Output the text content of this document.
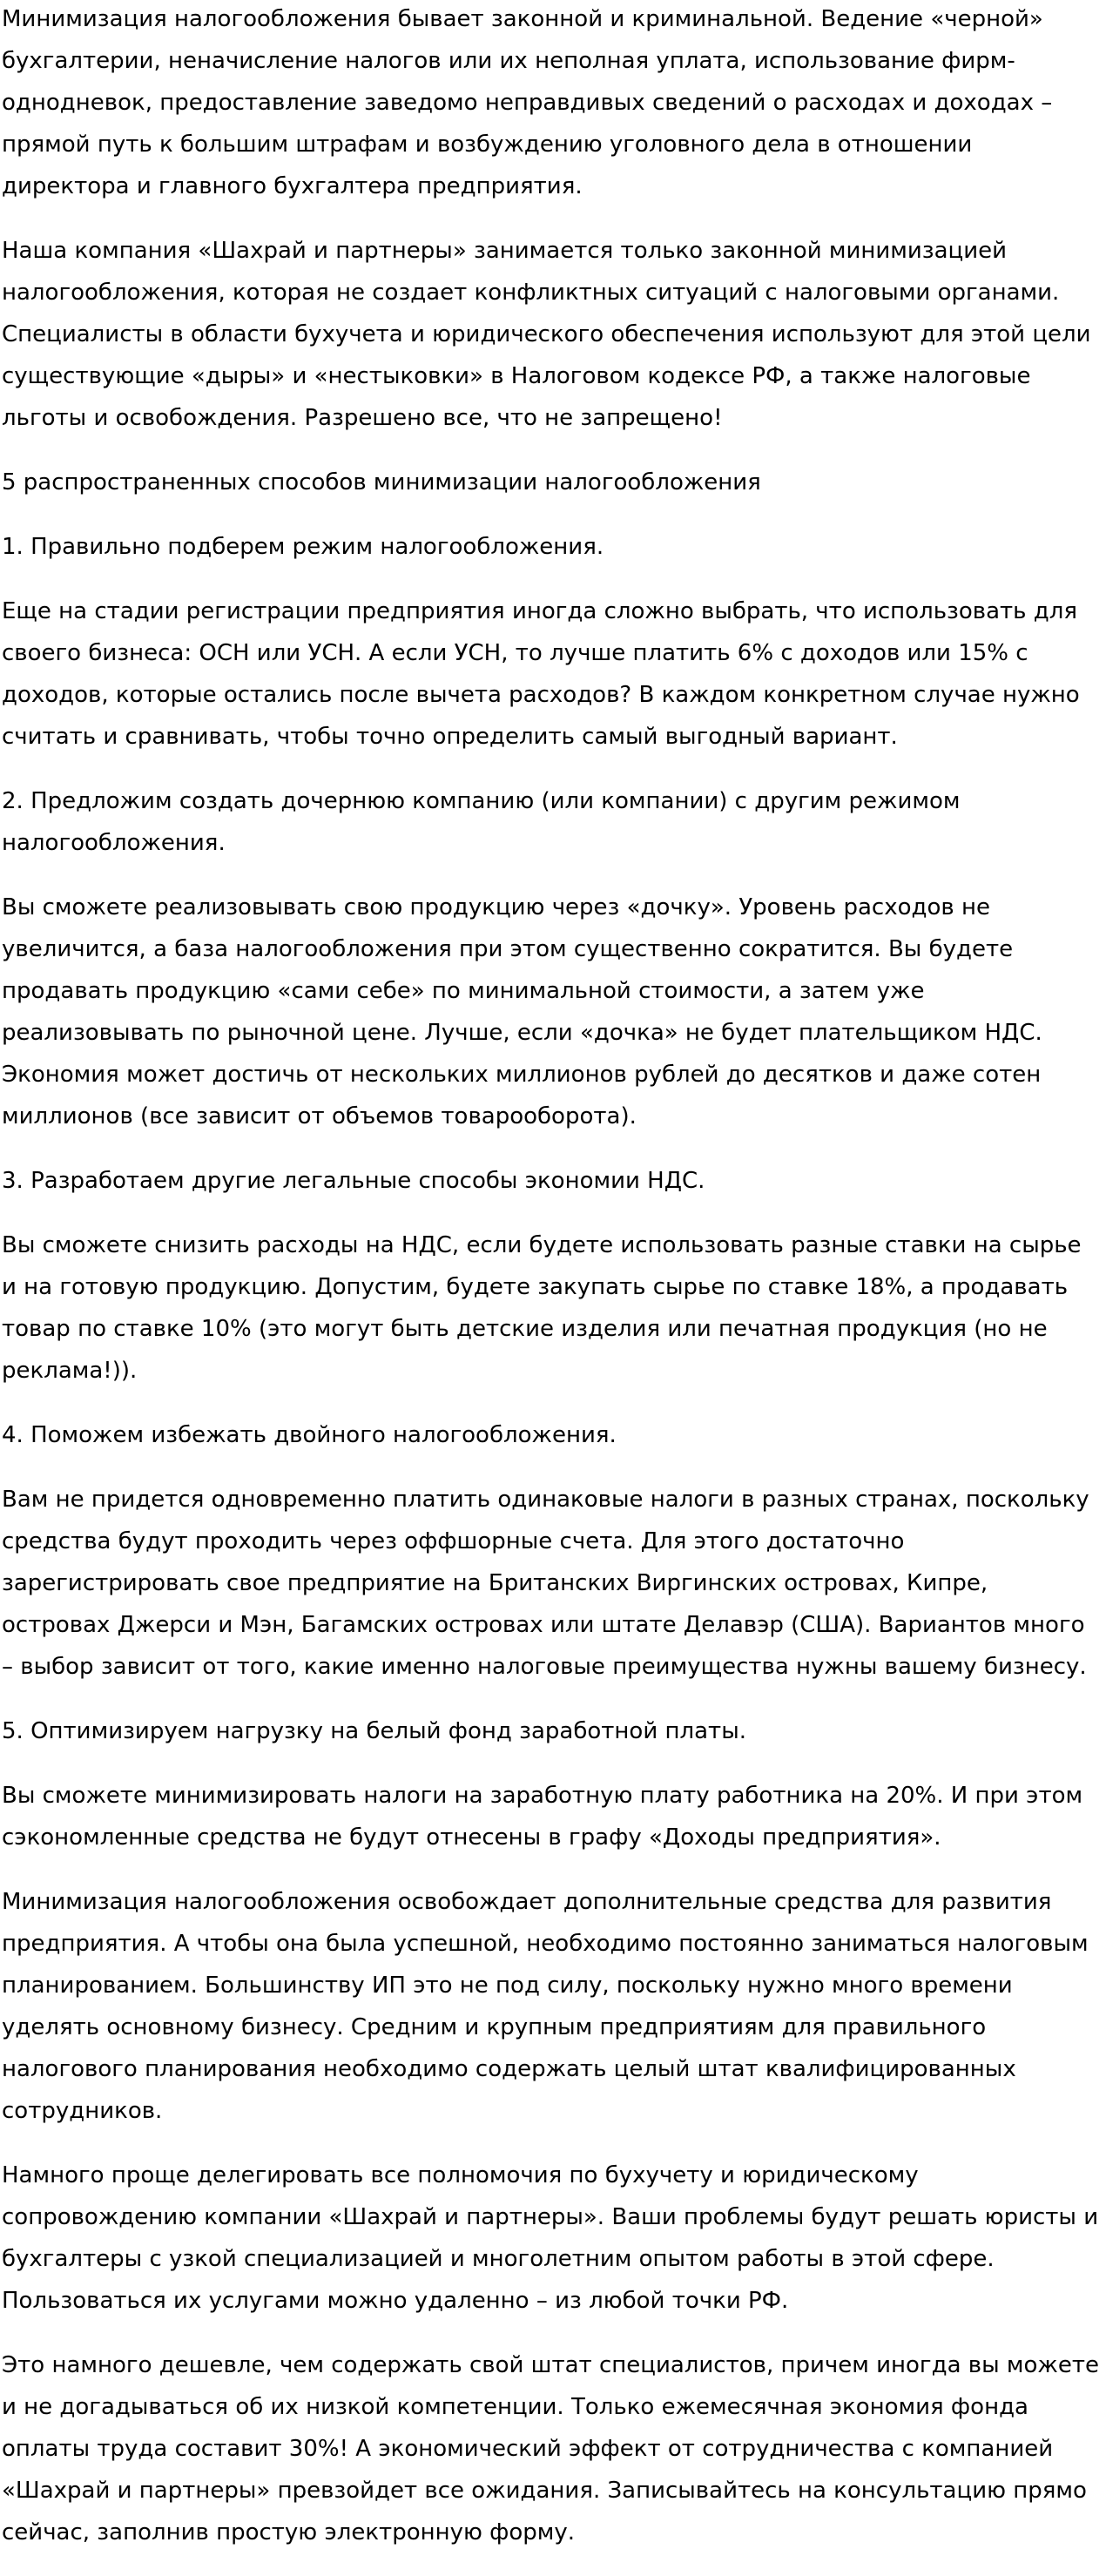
Минимизация налогообложения бывает законной и криминальной. Ведение «черной» бухгалтерии, неначисление налогов или их неполная уплата, использование фирм-однодневок, предоставление заведомо неправдивых сведений о расходах и доходах – прямой путь к большим штрафам и возбуждению уголовного дела в отношении директора и главного бухгалтера предприятия.

Наша компания «Шахрай и партнеры» занимается только законной минимизацией налогообложения, которая не создает конфликтных ситуаций с налоговыми органами. Специалисты в области бухучета и юридического обеспечения используют для этой цели существующие «дыры» и «нестыковки» в Налоговом кодексе РФ, а также налоговые льготы и освобождения. Разрешено все, что не запрещено!

5 распространенных способов минимизации налогообложения

1. Правильно подберем режим налогообложения.

Еще на стадии регистрации предприятия иногда сложно выбрать, что использовать для своего бизнеса: ОСН или УСН. А если УСН, то лучше платить 6% с доходов или 15% с доходов, которые остались после вычета расходов? В каждом конкретном случае нужно считать и сравнивать, чтобы точно определить самый выгодный вариант.

2. Предложим создать дочернюю компанию (или компании) с другим режимом налогообложения.

Вы сможете реализовывать свою продукцию через «дочку». Уровень расходов не увеличится, а база налогообложения при этом существенно сократится. Вы будете продавать продукцию «сами себе» по минимальной стоимости, а затем уже реализовывать по рыночной цене. Лучше, если «дочка» не будет плательщиком НДС. Экономия может достичь от нескольких миллионов рублей до десятков и даже сотен миллионов (все зависит от объемов товарооборота).

3. Разработаем другие легальные способы экономии НДС.

Вы сможете снизить расходы на НДС, если будете использовать разные ставки на сырье и на готовую продукцию. Допустим, будете закупать сырье по ставке 18%, а продавать товар по ставке 10% (это могут быть детские изделия или печатная продукция (но не реклама!)).

4. Поможем избежать двойного налогообложения.

Вам не придется одновременно платить одинаковые налоги в разных странах, поскольку средства будут проходить через оффшорные счета. Для этого достаточно зарегистрировать свое предприятие на Британских Виргинских островах, Кипре, островах Джерси и Мэн, Багамских островах или штате Делавэр (США). Вариантов много – выбор зависит от того, какие именно налоговые преимущества нужны вашему бизнесу.

5. Оптимизируем нагрузку на белый фонд заработной платы.

Вы сможете минимизировать налоги на заработную плату работника на 20%. И при этом сэкономленные средства не будут отнесены в графу «Доходы предприятия».

Минимизация налогообложения освобождает дополнительные средства для развития предприятия. А чтобы она была успешной, необходимо постоянно заниматься налоговым планированием. Большинству ИП это не под силу, поскольку нужно много времени уделять основному бизнесу. Средним и крупным предприятиям для правильного налогового планирования необходимо содержать целый штат квалифицированных сотрудников.

Намного проще делегировать все полномочия по бухучету и юридическому сопровождению компании «Шахрай и партнеры». Ваши проблемы будут решать юристы и бухгалтеры с узкой специализацией и многолетним опытом работы в этой сфере. Пользоваться их услугами можно удаленно – из любой точки РФ.

Это намного дешевле, чем содержать свой штат специалистов, причем иногда вы можете и не догадываться об их низкой компетенции. Только ежемесячная экономия фонда оплаты труда составит 30%! А экономический эффект от сотрудничества с компанией «Шахрай и партнеры» превзойдет все ожидания. Записывайтесь на консультацию прямо сейчас, заполнив простую электронную форму.
